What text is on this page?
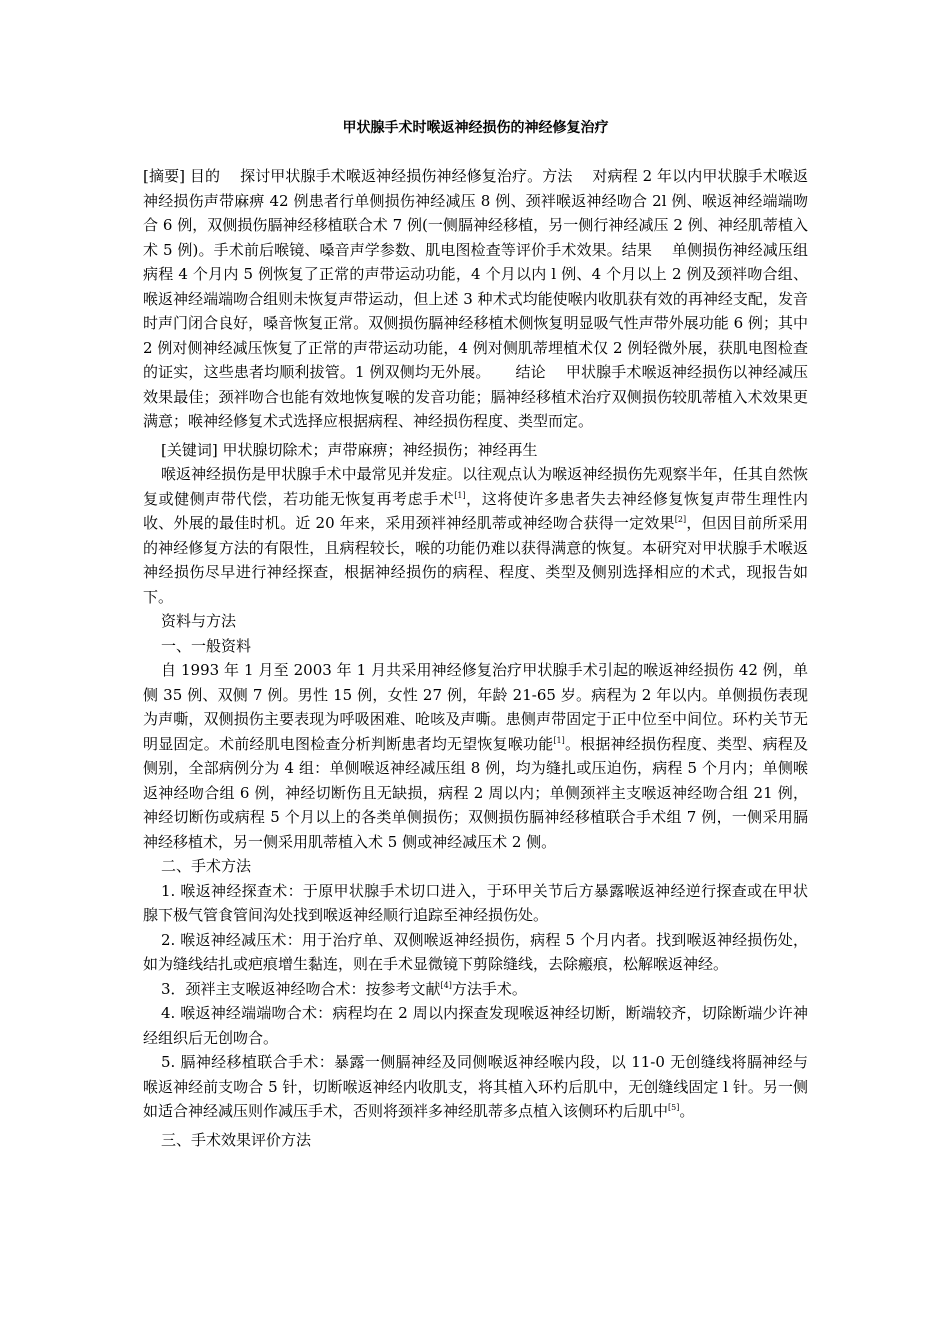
甲状腺手术时喉返神经损伤的神经修复治疗

[摘要] 目的 　探讨甲状腺手术喉返神经损伤神经修复治疗。方法 　对病程 2 年以内甲状腺手术喉返神经损伤声带麻痹 42 例患者行单侧损伤神经减压 8 例、颈袢喉返神经吻合 2l 例、喉返神经端端吻合 6 例，双侧损伤膈神经移植联合术 7 例(一侧膈神经移植，另一侧行神经减压 2 例、神经肌蒂植入术 5 例)。手术前后喉镜、嗓音声学参数、肌电图检查等评价手术效果。结果 　单侧损伤神经减压组病程 4 个月内 5 例恢复了正常的声带运动功能，4 个月以内 l 例、4 个月以上 2 例及颈袢吻合组、喉返神经端端吻合组则未恢复声带运动，但上述 3 种术式均能使喉内收肌获有效的再神经支配，发音时声门闭合良好，嗓音恢复正常。双侧损伤膈神经移植术侧恢复明显吸气性声带外展功能 6 例；其中 2 例对侧神经减压恢复了正常的声带运动功能，4 例对侧肌蒂埋植术仅 2 例轻微外展，获肌电图检查的证实，这些患者均顺利拔管。1 例双侧均无外展。 　 结论 　甲状腺手术喉返神经损伤以神经减压效果最佳；颈袢吻合也能有效地恢复喉的发音功能；膈神经移植术治疗双侧损伤较肌蒂植入术效果更满意；喉神经修复术式选择应根据病程、神经损伤程度、类型而定。

[关键词] 甲状腺切除术；声带麻痹；神经损伤；神经再生

喉返神经损伤是甲状腺手术中最常见并发症。以往观点认为喉返神经损伤先观察半年，任其自然恢复或健侧声带代偿，若功能无恢复再考虑手术[1]，这将使许多患者失去神经修复恢复声带生理性内收、外展的最佳时机。近 20 年来，采用颈袢神经肌蒂或神经吻合获得一定效果[2]，但因目前所采用的神经修复方法的有限性，且病程较长，喉的功能仍难以获得满意的恢复。本研究对甲状腺手术喉返神经损伤尽早进行神经探查，根据神经损伤的病程、程度、类型及侧别选择相应的术式，现报告如下。

资料与方法

一、一般资料

自 1993 年 1 月至 2003 年 1 月共采用神经修复治疗甲状腺手术引起的喉返神经损伤 42 例，单侧 35 例、双侧 7 例。男性 15 例，女性 27 例，年龄 21-65 岁。病程为 2 年以内。单侧损伤表现为声嘶，双侧损伤主要表现为呼吸困难、呛咳及声嘶。患侧声带固定于正中位至中间位。环杓关节无明显固定。术前经肌电图检查分析判断患者均无望恢复喉功能[1]。根据神经损伤程度、类型、病程及侧别，全部病例分为 4 组：单侧喉返神经减压组 8 例，均为缝扎或压迫伤，病程 5 个月内；单侧喉返神经吻合组 6 例，神经切断伤且无缺损，病程 2 周以内；单侧颈袢主支喉返神经吻合组 21 例，神经切断伤或病程 5 个月以上的各类单侧损伤；双侧损伤膈神经移植联合手术组 7 例，一侧采用膈神经移植术，另一侧采用肌蒂植入术 5 侧或神经减压术 2 侧。

二、手术方法

1. 喉返神经探查术：于原甲状腺手术切口进入，于环甲关节后方暴露喉返神经逆行探查或在甲状腺下极气管食管间沟处找到喉返神经顺行追踪至神经损伤处。

2. 喉返神经减压术：用于治疗单、双侧喉返神经损伤，病程 5 个月内者。找到喉返神经损伤处，如为缝线结扎或疤痕增生黏连，则在手术显微镜下剪除缝线，去除瘢痕，松解喉返神经。

3．颈袢主支喉返神经吻合术：按参考文献[4]方法手术。

4. 喉返神经端端吻合术：病程均在 2 周以内探查发现喉返神经切断，断端较齐，切除断端少许神经组织后无创吻合。

5. 膈神经移植联合手术：暴露一侧膈神经及同侧喉返神经喉内段，以 11-0 无创缝线将膈神经与喉返神经前支吻合 5 针，切断喉返神经内收肌支，将其植入环杓后肌中，无创缝线固定 l 针。另一侧如适合神经减压则作减压手术，否则将颈袢多神经肌蒂多点植入该侧环杓后肌中[5]。

三、手术效果评价方法
